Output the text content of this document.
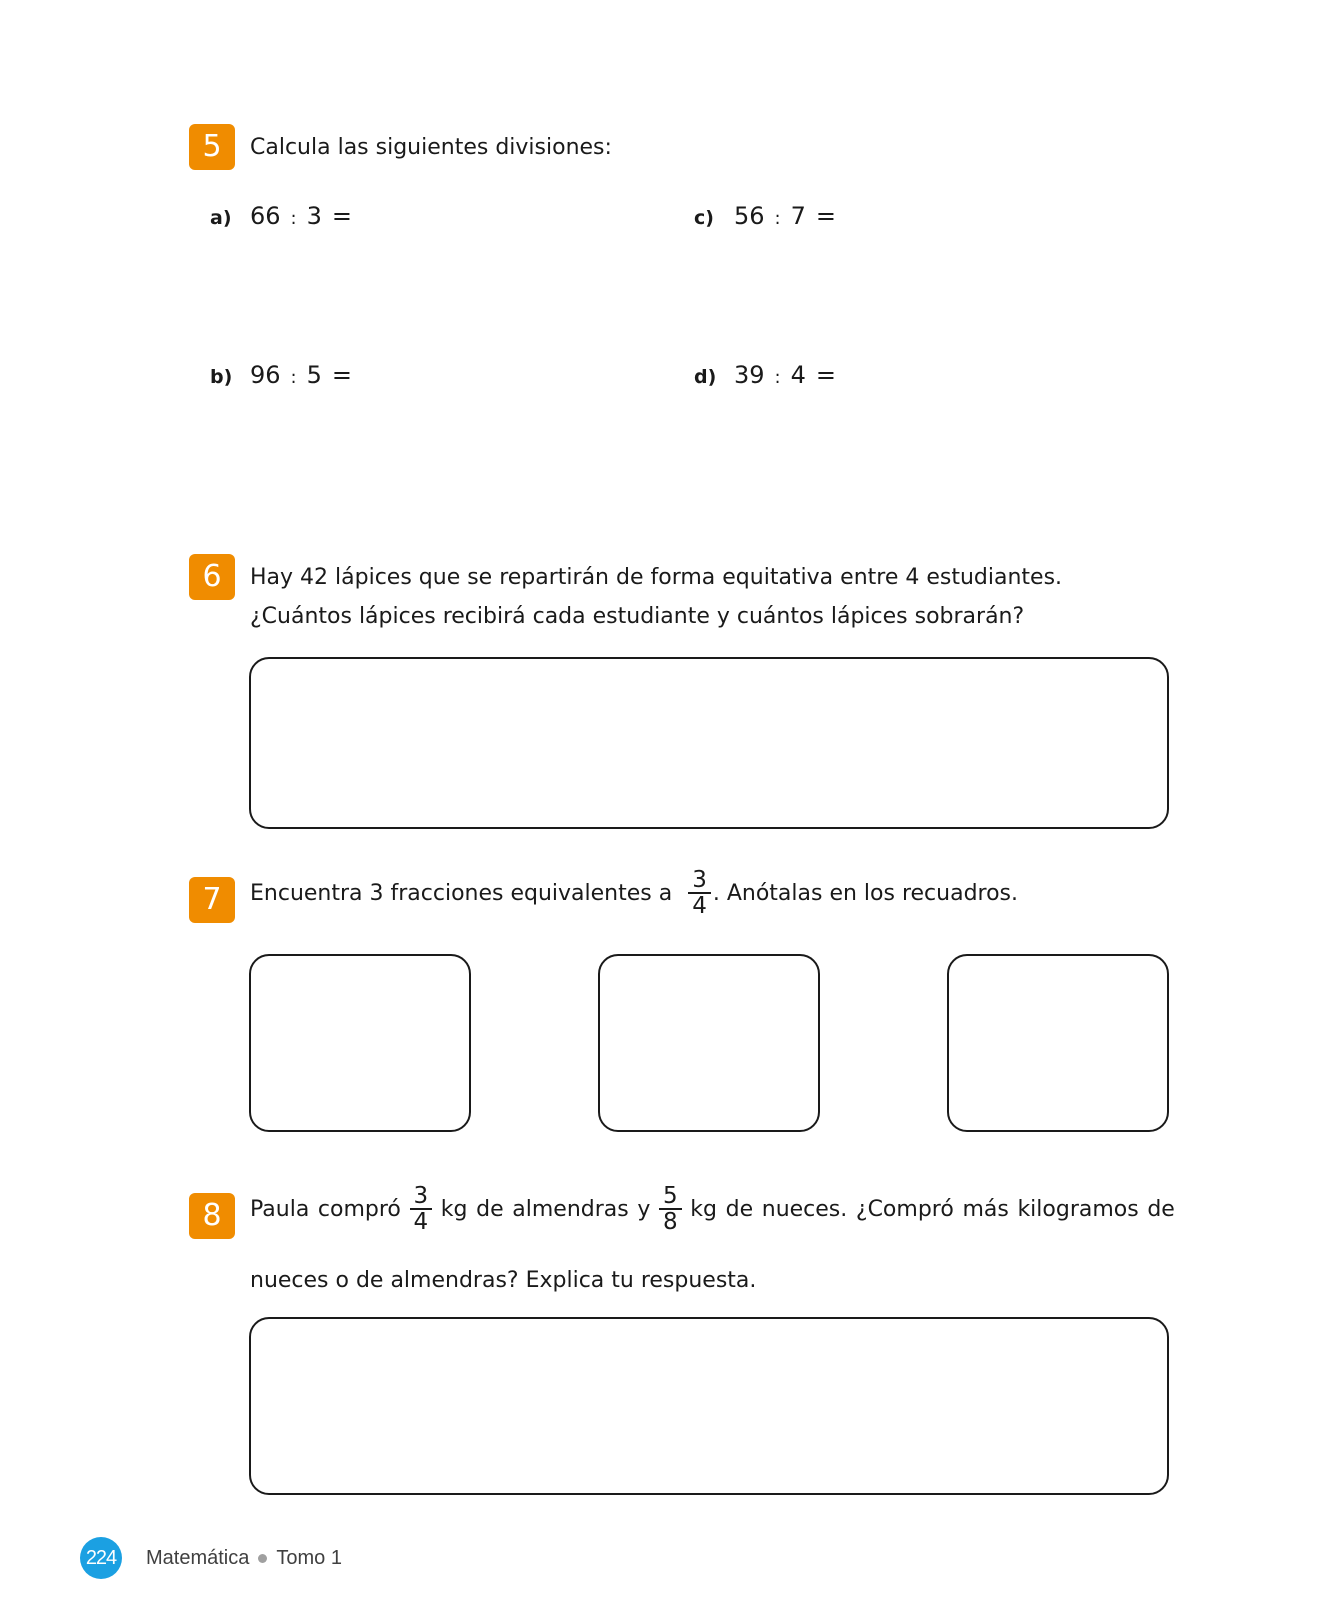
5	Calcula las siguientes divisiones:
a) 66 : 3 =
b) 96 : 5 =
c) 56 : 7 =
d) 39 : 4 =
6	Hay 42 lápices que se repartirán de forma equitativa entre 4 estudiantes.
¿Cuántos lápices recibirá cada estudiante y cuántos lápices sobrarán?
7	Encuentra 3 fracciones equivalentes a $\frac{3}{4}$ . Anótalas en los recuadros.
8	Paula compró $\frac{3}{4}$ kg de almendras y $\frac{5}{8}$ kg de nueces. ¿Compró más kilogramos de
nueces o de almendras? Explica tu respuesta.
224 Matemática Tomo 1
